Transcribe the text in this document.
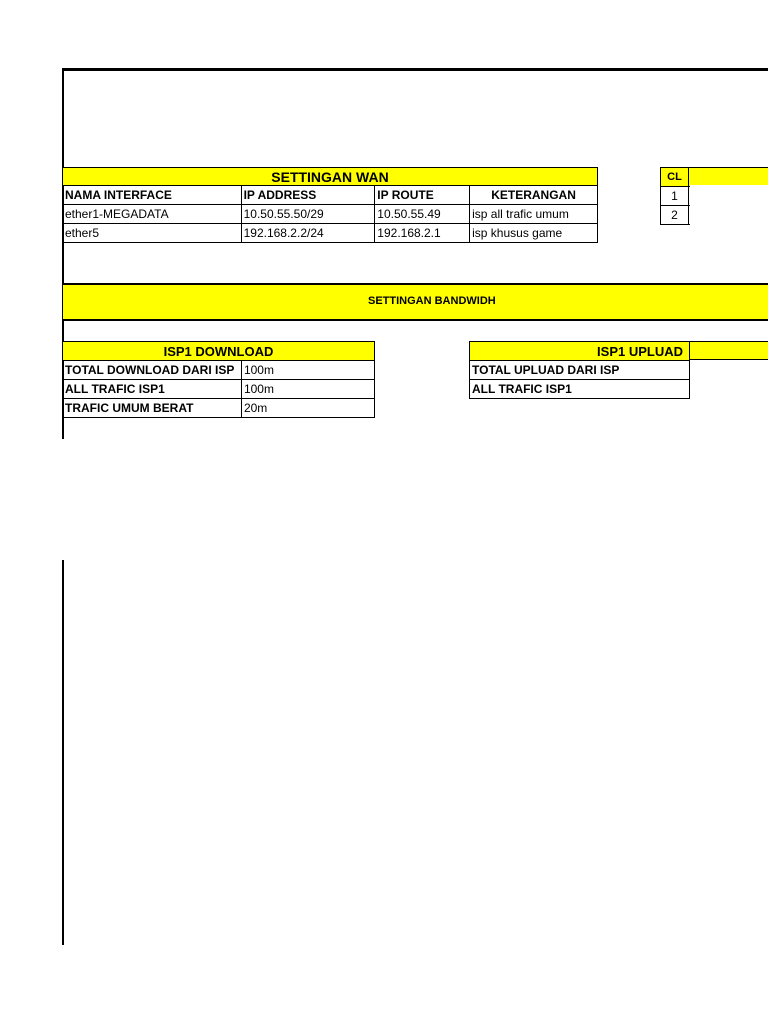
SETTINGAN WAN			
NAMA INTERFACE	IP ADDRESS	IP ROUTE	KETERANGAN
ether1-MEGADATA	10.50.55.50/29	10.50.55.49	isp all trafic umum
ether5	192.168.2.2/24	192.168.2.1	isp khusus game
CL	
1	
2	
SETTINGAN BANDWIDH
ISP1 DOWNLOAD	
TOTAL DOWNLOAD DARI ISP	100m
ALL TRAFIC ISP1	100m
TRAFIC UMUM BERAT	20m
ISP1 UPLUAD
TOTAL UPLUAD DARI ISP
ALL TRAFIC ISP1
